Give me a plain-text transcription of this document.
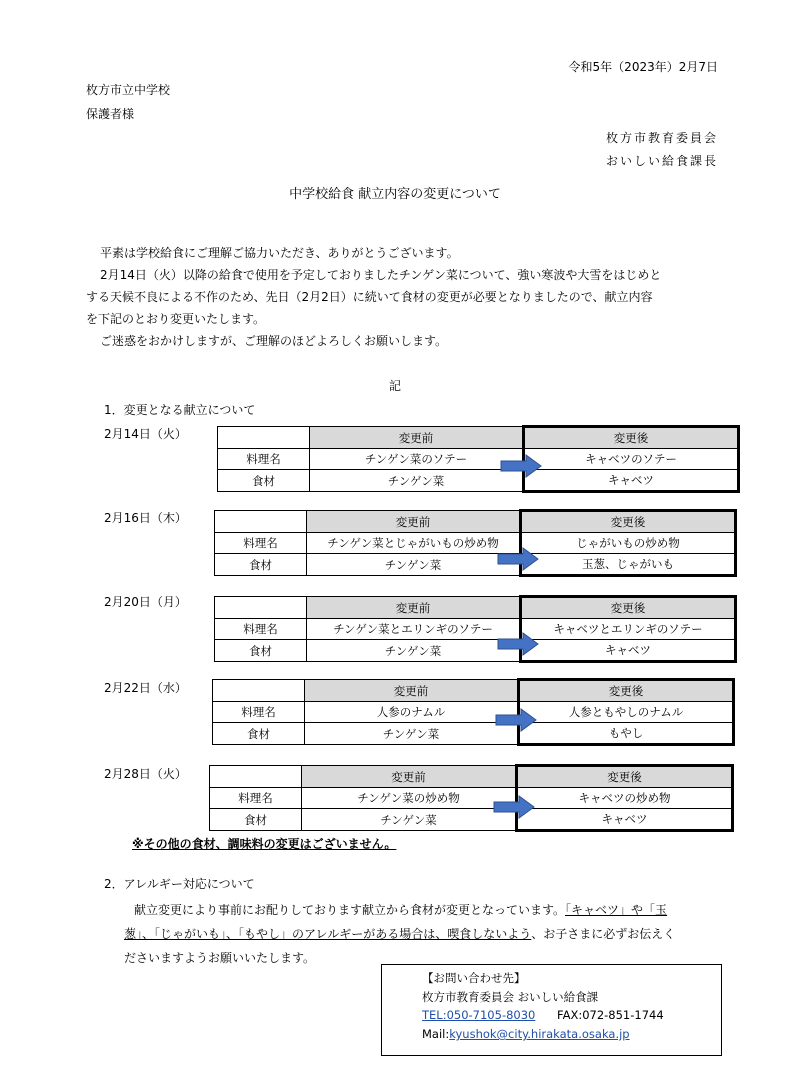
令和5年（2023年）2月7日
枚方市立中学校
保護者様
枚方市教育委員会
おいしい給食課長
中学校給食 献立内容の変更について
平素は学校給食にご理解ご協力いただき、ありがとうございます。
2月14日（火）以降の給食で使用を予定しておりましたチンゲン菜について、強い寒波や大雪をはじめと
する天候不良による不作のため、先日（2月2日）に続いて食材の変更が必要となりましたので、献立内容
を下記のとおり変更いたします。
ご迷惑をおかけしますが、ご理解のほどよろしくお願いします。
記
1．変更となる献立について
2月14日（火）
		変更前	変更後
料理名	チンゲン菜のソテー	キャベツのソテー
食材	チンゲン菜	キャベツ
2月16日（木）
		変更前	変更後
料理名	チンゲン菜とじゃがいもの炒め物	じゃがいもの炒め物
食材	チンゲン菜	玉葱、じゃがいも
2月20日（月）
		変更前	変更後
料理名	チンゲン菜とエリンギのソテー	キャベツとエリンギのソテー
食材	チンゲン菜	キャベツ
2月22日（水）
		変更前	変更後
料理名	人参のナムル	人参ともやしのナムル
食材	チンゲン菜	もやし
2月28日（火）
		変更前	変更後
料理名	チンゲン菜の炒め物	キャベツの炒め物
食材	チンゲン菜	キャベツ
※その他の食材、調味料の変更はございません。
2．アレルギー対応について
献立変更により事前にお配りしております献立から食材が変更となっています。「キャベツ」や「玉
葱」、「じゃがいも」、「もやし」のアレルギーがある場合は、喫食しないよう、お子さまに必ずお伝えく
ださいますようお願いいたします。
【お問い合わせ先】
枚方市教育委員会 おいしい給食課
TEL:050-7105-8030 FAX:072-851-1744
Mail:kyushok@city.hirakata.osaka.jp
